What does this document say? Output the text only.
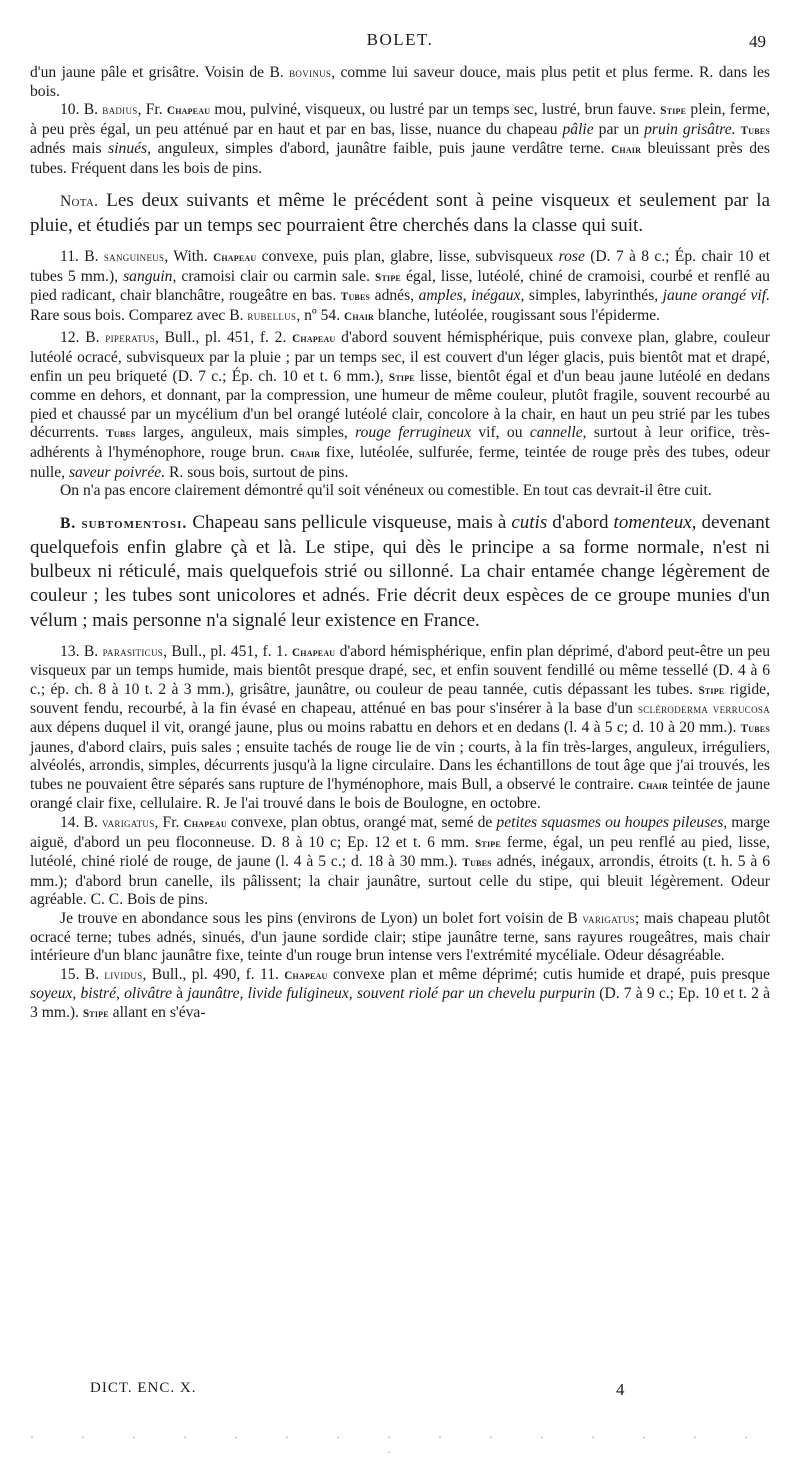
BOLET.	49

d'un jaune pâle et grisâtre. Voisin de B. bovinus, comme lui saveur douce, mais plus petit et plus ferme. R. dans les bois.

10. B. badius, Fr. Chapeau mou, pulviné, visqueux, ou lustré par un temps sec, lustré, brun fauve. Stipe plein, ferme, à peu près égal, un peu atténué par en haut et par en bas, lisse, nuance du chapeau pâlie par un pruin grisâtre. Tubes adnés mais sinués, anguleux, simples d'abord, jaunâtre faible, puis jaune verdâtre terne. Chair bleuissant près des tubes. Fréquent dans les bois de pins.

Nota. Les deux suivants et même le précédent sont à peine visqueux et seulement par la pluie, et étudiés par un temps sec pourraient être cherchés dans la classe qui suit.

11. B. sanguineus, With. Chapeau convexe, puis plan, glabre, lisse, subvisqueux rose (D. 7 à 8 c.; Ép. chair 10 et tubes 5 mm.), sanguin, cramoisi clair ou carmin sale. Stipe égal, lisse, lutéolé, chiné de cramoisi, courbé et renflé au pied radicant, chair blanchâtre, rougeâtre en bas. Tubes adnés, amples, inégaux, simples, labyrinthés, jaune orangé vif. Rare sous bois. Comparez avec B. rubellus, nº 54. Chair blanche, lutéolée, rougissant sous l'épiderme.

12. B. piperatus, Bull., pl. 451, f. 2. Chapeau d'abord souvent hémisphérique, puis convexe plan, glabre, couleur lutéolé ocracé, subvisqueux par la pluie ; par un temps sec, il est couvert d'un léger glacis, puis bientôt mat et drapé, enfin un peu briqueté (D. 7 c.; Ép. ch. 10 et t. 6 mm.), Stipe lisse, bientôt égal et d'un beau jaune lutéolé en dedans comme en dehors, et donnant, par la compression, une humeur de même couleur, plutôt fragile, souvent recourbé au pied et chaussé par un mycélium d'un bel orangé lutéolé clair, concolore à la chair, en haut un peu strié par les tubes décurrents. Tubes larges, anguleux, mais simples, rouge ferrugineux vif, ou cannelle, surtout à leur orifice, très-adhérents à l'hyménophore, rouge brun. Chair fixe, lutéolée, sulfurée, ferme, teintée de rouge près des tubes, odeur nulle, saveur poivrée. R. sous bois, surtout de pins.

On n'a pas encore clairement démontré qu'il soit vénéneux ou comestible. En tout cas devrait-il être cuit.

B. subtomentosi. Chapeau sans pellicule visqueuse, mais à cutis d'abord tomenteux, devenant quelquefois enfin glabre çà et là. Le stipe, qui dès le principe a sa forme normale, n'est ni bulbeux ni réticulé, mais quelquefois strié ou sillonné. La chair entamée change légèrement de couleur ; les tubes sont unicolores et adnés. Frie décrit deux espèces de ce groupe munies d'un vélum ; mais personne n'a signalé leur existence en France.

13. B. parasiticus, Bull., pl. 451, f. 1. Chapeau d'abord hémisphérique, enfin plan déprimé, d'abord peut-être un peu visqueux par un temps humide, mais bientôt presque drapé, sec, et enfin souvent fendillé ou même tessellé (D. 4 à 6 c.; ép. ch. 8 à 10 t. 2 à 3 mm.), grisâtre, jaunâtre, ou couleur de peau tannée, cutis dépassant les tubes. Stipe rigide, souvent fendu, recourbé, à la fin évasé en chapeau, atténué en bas pour s'insérer à la base d'un scléroderma verrucosa aux dépens duquel il vit, orangé jaune, plus ou moins rabattu en dehors et en dedans (l. 4 à 5 c; d. 10 à 20 mm.). Tubes jaunes, d'abord clairs, puis sales ; ensuite tachés de rouge lie de vin ; courts, à la fin très-larges, anguleux, irréguliers, alvéolés, arrondis, simples, décurrents jusqu'à la ligne circulaire. Dans les échantillons de tout âge que j'ai trouvés, les tubes ne pouvaient être séparés sans rupture de l'hyménophore, mais Bull, a observé le contraire. Chair teintée de jaune orangé clair fixe, cellulaire. R. Je l'ai trouvé dans le bois de Boulogne, en octobre.

14. B. varigatus, Fr. Chapeau convexe, plan obtus, orangé mat, semé de petites squasmes ou houpes pileuses, marge aiguë, d'abord un peu floconneuse. D. 8 à 10 c; Ep. 12 et t. 6 mm. Stipe ferme, égal, un peu renflé au pied, lisse, lutéolé, chiné riolé de rouge, de jaune (l. 4 à 5 c.; d. 18 à 30 mm.). Tubes adnés, inégaux, arrondis, étroits (t. h. 5 à 6 mm.); d'abord brun canelle, ils pâlissent; la chair jaunâtre, surtout celle du stipe, qui bleuit légèrement. Odeur agréable. C. C. Bois de pins.

Je trouve en abondance sous les pins (environs de Lyon) un bolet fort voisin de B varigatus; mais chapeau plutôt ocracé terne; tubes adnés, sinués, d'un jaune sordide clair; stipe jaunâtre terne, sans rayures rougeâtres, mais chair intérieure d'un blanc jaunâtre fixe, teinte d'un rouge brun intense vers l'extrémité mycéliale. Odeur désagréable.

15. B. lividus, Bull., pl. 490, f. 11. Chapeau convexe plan et même déprimé; cutis humide et drapé, puis presque soyeux, bistré, olivâtre à jaunâtre, livide fuligineux, souvent riolé par un chevelu purpurin (D. 7 à 9 c.; Ep. 10 et t. 2 à 3 mm.). Stipe allant en s'éva-

DICT. ENC. X.	4
· · · · · · · · · · · · · · · ·
